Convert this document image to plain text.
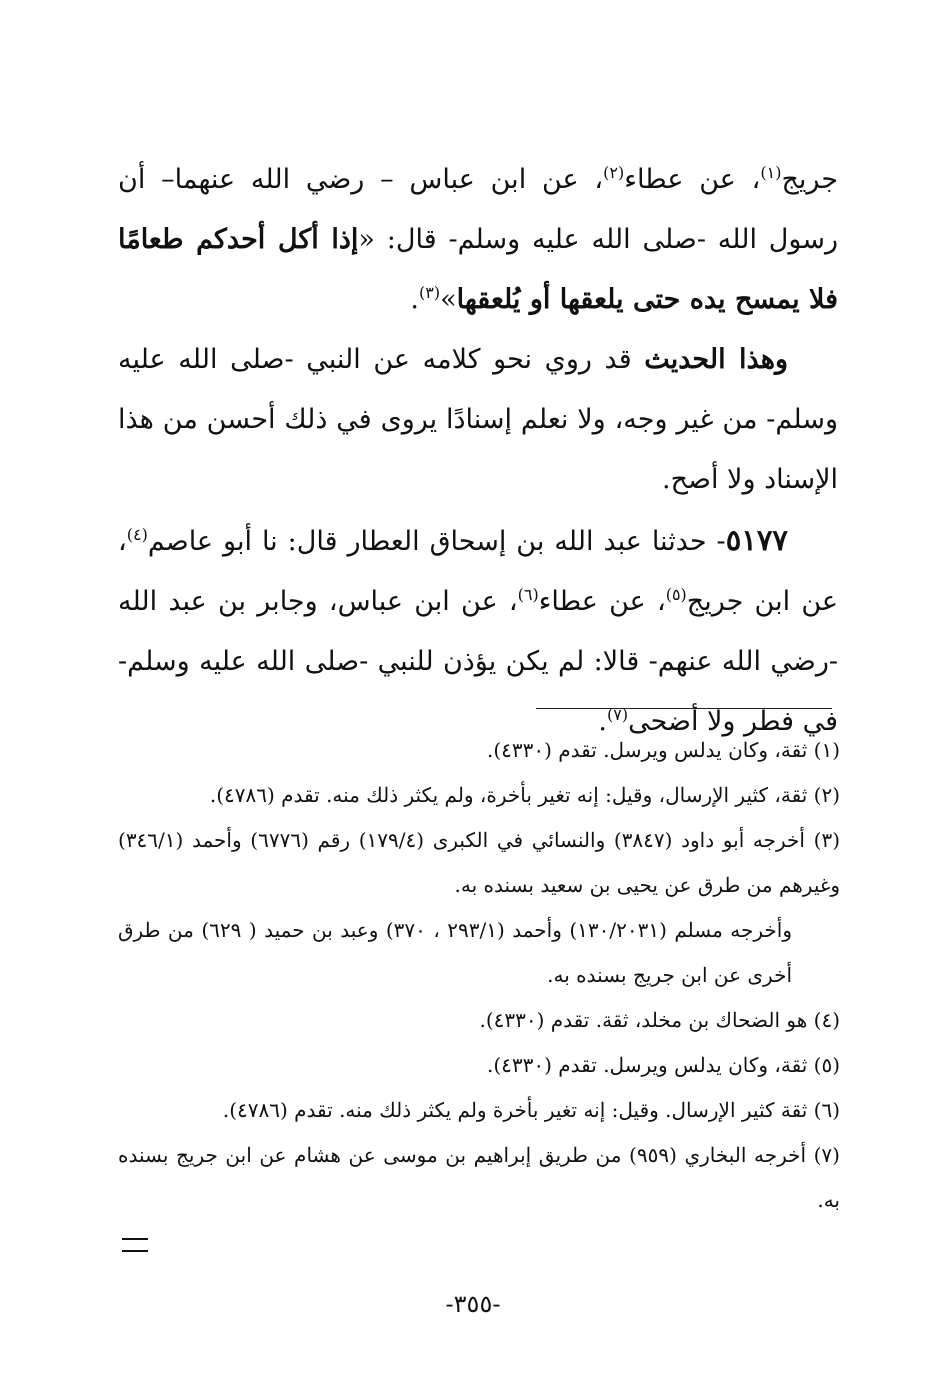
جريج$^{(١)}$، عن عطاء$^{(٢)}$، عن ابن عباس – رضي الله عنهما– أن رسول الله -صلى الله عليه وسلم- قال: «إذا أكل أحدكم طعامًا فلا يمسح يده حتى يلعقها أو يُلعقها»$^{(٣)}$.

وهذا الحديث قد روي نحو كلامه عن النبي -صلى الله عليه وسلم- من غير وجه، ولا نعلم إسنادًا يروى في ذلك أحسن من هذا الإسناد ولا أصح.

٥١٧٧- حدثنا عبد الله بن إسحاق العطار قال: نا أبو عاصم$^{(٤)}$، عن ابن جريج$^{(٥)}$، عن عطاء$^{(٦)}$، عن ابن عباس، وجابر بن عبد الله -رضي الله عنهم- قالا: لم يكن يؤذن للنبي -صلى الله عليه وسلم- في فطر ولا أضحى$^{(٧)}$.

(١) ثقة، وكان يدلس ويرسل. تقدم (٤٣٣٠).

(٢) ثقة، كثير الإرسال، وقيل: إنه تغير بأخرة، ولم يكثر ذلك منه. تقدم (٤٧٨٦).

(٣) أخرجه أبو داود (٣٨٤٧) والنسائي في الكبرى (١٧٩/٤) رقم (٦٧٧٦) وأحمد (٣٤٦/١) وغيرهم من طرق عن يحيى بن سعيد بسنده به.

وأخرجه مسلم (١٣٠/٢٠٣١) وأحمد (٢٩٣/١ ، ٣٧٠) وعبد بن حميد ( ٦٢٩) من طرق أخرى عن ابن جريج بسنده به.

(٤) هو الضحاك بن مخلد، ثقة. تقدم (٤٣٣٠).

(٥) ثقة، وكان يدلس ويرسل. تقدم (٤٣٣٠).

(٦) ثقة كثير الإرسال. وقيل: إنه تغير بأخرة ولم يكثر ذلك منه. تقدم (٤٧٨٦).

(٧) أخرجه البخاري (٩٥٩) من طريق إبراهيم بن موسى عن هشام عن ابن جريج بسنده به.

-٣٥٥-
